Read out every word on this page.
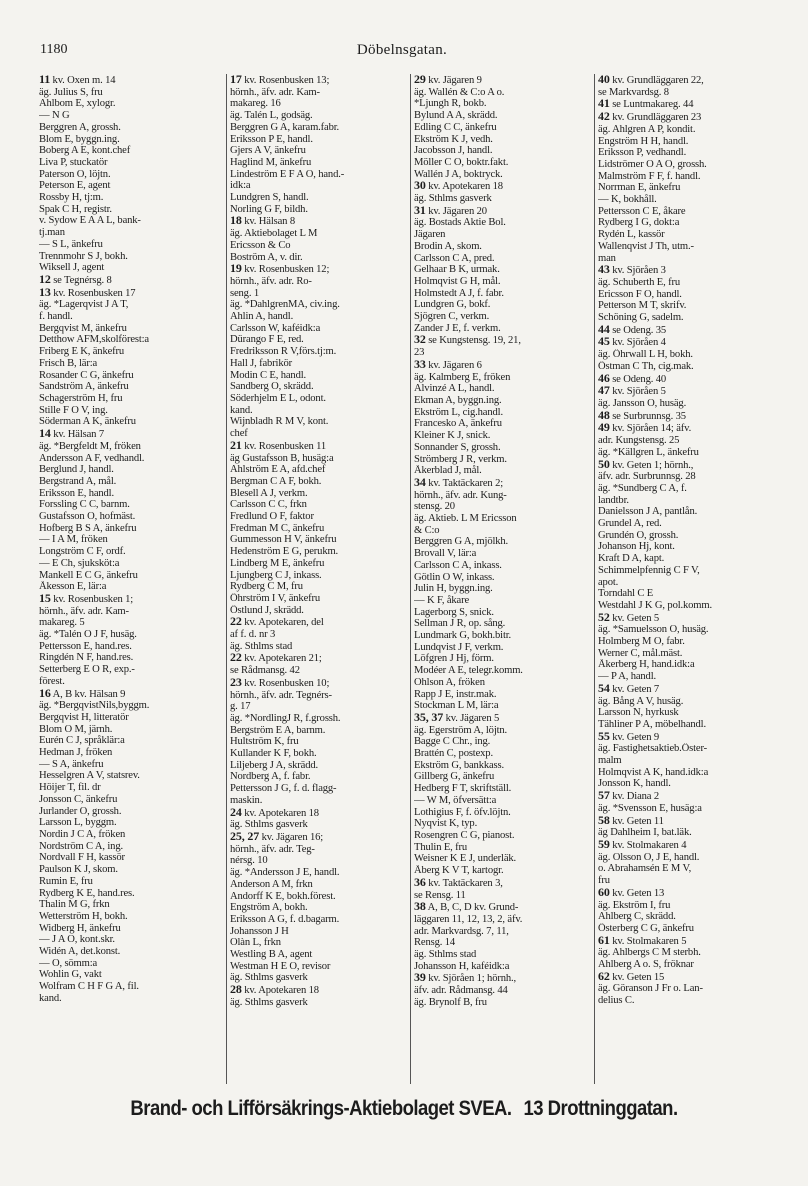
1180	Döbelnsgatan.
11 kv. Oxen m. 14
äg. Julius S, fru
Ahlbom E, xylogr.
— N G
Berggren A, grossh.
Blom E, byggn.ing.
Boberg A E, kont.chef
Liva P, stuckatör
Paterson O, löjtn.
Peterson E, agent
Rossby H, tj:m.
Spak C H, registr.
v. Sydow E A A L, bank-
tj.man
— S L, änkefru
Trennmohr S J, bokh.
Wiksell J, agent
12 se Tegnérsg. 8
13 kv. Rosenbusken 17
äg. *Lagerqvist J A T,
f. handl.
Bergqvist M, änkefru
Detthow AFM,skolförest:a
Friberg E K, änkefru
Frisch B, lär:a
Rosander C G, änkefru
Sandström A, änkefru
Schagerström H, fru
Stille F O V, ing.
Söderman A K, änkefru
14 kv. Hälsan 7
äg. *Bergfeldt M, fröken
Andersson A F, vedhandl.
Berglund J, handl.
Bergstrand A, mål.
Eriksson E, handl.
Forssling C C, barnm.
Gustafsson O, hofmäst.
Hofberg B S A, änkefru
— I A M, fröken
Longström C F, ordf.
— E Ch, sjuksköt:a
Mankell E C G, änkefru
Åkesson E, lär:a
15 kv. Rosenbusken 1;
hörnh., äfv. adr. Kam-
makareg. 5
äg. *Talén O J F, husäg.
Pettersson E, hand.res.
Ringdén N F, hand.res.
Setterberg E O R, exp.-
förest.
16 A, B kv. Hälsan 9
äg. *BergqvistNils,byggm.
Bergqvist H, litteratör
Blom O M, järnh.
Eurén C J, språklär:a
Hedman J, fröken
— S A, änkefru
Hesselgren A V, statsrev.
Höijer T, fil. dr
Jonsson C, änkefru
Jurlander O, grossh.
Larsson L, byggm.
Nordin J C A, fröken
Nordström C A, ing.
Nordvall F H, kassör
Paulson K J, skom.
Rumin E, fru
Rydberg K E, hand.res.
Thalin M G, frkn
Wetterström H, bokh.
Widberg H, änkefru
— J A O, kont.skr.
Widén A, det.konst.
— O, sömm:a
Wohlin G, vakt
Wolfram C H F G A, fil.
kand.
17 kv. Rosenbusken 13;
hörnh., äfv. adr. Kam-
makareg. 16
äg. Talén L, godsäg.
Berggren G A, karam.fabr.
Eriksson P E, handl.
Gjers A V, änkefru
Haglind M, änkefru
Lindeström E F A O, hand.-
idk:a
Lundgren S, handl.
Norling G F, bildh.
18 kv. Hälsan 8
äg. Aktiebolaget L M
Ericsson & Co
Boström A, v. dir.
19 kv. Rosenbusken 12;
hörnh., äfv. adr. Ro-
seng. 1
äg. *DahlgrenMA, civ.ing.
Ahlin A, handl.
Carlsson W, kaféidk:a
Dürango F E, red.
Fredriksson R V,förs.tj:m.
Hall J, fabrikör
Modin C E, handl.
Sandberg O, skrädd.
Söderhjelm E L, odont.
kand.
Wijnbladh R M V, kont.
chef
21 kv. Rosenbusken 11
äg Gustafsson B, husäg:a
Ahlström E A, afd.chef
Bergman C A F, bokh.
Blesell A J, verkm.
Carlsson C C, frkn
Fredlund O F, faktor
Fredman M C, änkefru
Gummesson H V, änkefru
Hedenström E G, perukm.
Lindberg M E, änkefru
Ljungberg C J, inkass.
Rydberg C M, fru
Öhrström I V, änkefru
Östlund J, skrädd.
22 kv. Apotekaren, del
af f. d. nr 3
äg. Sthlms stad
22 kv. Apotekaren 21;
se Rådmansg. 42
23 kv. Rosenbusken 10;
hörnh., äfv. adr. Tegnérs-
g. 17
äg. *NordlingJ R, f.grossh.
Bergström E A, barnm.
Hultström K, fru
Kullander K F, bokh.
Liljeberg J A, skrädd.
Nordberg A, f. fabr.
Pettersson J G, f. d. flagg-
maskin.
24 kv. Apotekaren 18
äg. Sthlms gasverk
25, 27 kv. Jägaren 16;
hörnh., äfv. adr. Teg-
nérsg. 10
äg. *Andersson J E, handl.
Anderson A M, frkn
Andorff K E, bokh.förest.
Engström A, bokh.
Eriksson A G, f. d.bagarm.
Johansson J H
Olàn L, frkn
Westling B A, agent
Westman H E O, revisor
äg. Sthlms gasverk
28 kv. Apotekaren 18
äg. Sthlms gasverk
29 kv. Jägaren 9
äg. Wallén & C:o A o.
*Ljungh R, bokb.
Bylund A A, skrädd.
Edling C C, änkefru
Ekström K J, vedh.
Jacobsson J, handl.
Möller C O, boktr.fakt.
Wallén J A, boktryck.
30 kv. Apotekaren 18
äg. Sthlms gasverk
31 kv. Jägaren 20
äg. Bostads Aktie Bol.
Jägaren
Brodin A, skom.
Carlsson C A, pred.
Gelhaar B K, urmak.
Holmqvist G H, mål.
Holmstedt A J, f. fabr.
Lundgren G, bokf.
Sjögren C, verkm.
Zander J E, f. verkm.
32 se Kungstensg. 19, 21,
23
33 kv. Jägaren 6
äg. Kalmberg E, fröken
Alvinzé A L, handl.
Ekman A, byggn.ing.
Ekström L, cig.handl.
Francesko A, änkefru
Kleiner K J, snick.
Sonnander S, grossh.
Strömberg J R, verkm.
Åkerblad J, mål.
34 kv. Taktäckaren 2;
hörnh., äfv. adr. Kung-
stensg. 20
äg. Aktieb. L M Ericsson
& C:o
Berggren G A, mjölkh.
Brovall V, lär:a
Carlsson C A, inkass.
Götlin O W, inkass.
Julin H, byggn.ing.
— K F, åkare
Lagerborg S, snick.
Sellman J R, op. sång.
Lundmark G, bokh.bitr.
Lundqvist J F, verkm.
Löfgren J Hj, förm.
Modéer A E, telegr.komm.
Ohlson A, fröken
Rapp J E, instr.mak.
Stockman L M, lär:a
35, 37 kv. Jägaren 5
äg. Egerström A, löjtn.
Bagge C Chr., ing.
Brattén C, postexp.
Ekström G, bankkass.
Gillberg G, änkefru
Hedberg F T, skriftställ.
— W M, öfversätt:a
Lothigius F, f. öfv.löjtn.
Nyqvist K, typ.
Rosengren C G, pianost.
Thulin E, fru
Weisner K E J, underläk.
Åberg K V T, kartogr.
36 kv. Taktäckaren 3,
se Rensg. 11
38 A, B, C, D kv. Grund-
läggaren 11, 12, 13, 2, äfv.
adr. Markvardsg. 7, 11,
Rensg. 14
äg. Sthlms stad
Johansson H, kaféidk:a
39 kv. Sjöråen 1; hörnh.,
äfv. adr. Rådmansg. 44
äg. Brynolf B, fru
40 kv. Grundläggaren 22,
se Markvardsg. 8
41 se Luntmakareg. 44
42 kv. Grundläggaren 23
äg. Ahlgren A P, kondit.
Engström H H, handl.
Eriksson P, vedhandl.
Lidströmer O A O, grossh.
Malmström F F, f. handl.
Norrman E, änkefru
— K, bokhåll.
Pettersson C E, åkare
Rydberg I G, dokt:a
Rydén L, kassör
Wallenqvist J Th, utm.-
man
43 kv. Sjöråen 3
äg. Schuberth E, fru
Ericsson F O, handl.
Petterson M T, skrifv.
Schöning G, sadelm.
44 se Odeng. 35
45 kv. Sjöråen 4
äg. Öhrwall L H, bokh.
Östman C Th, cig.mak.
46 se Odeng. 40
47 kv. Sjöråen 5
äg. Jansson O, husäg.
48 se Surbrunnsg. 35
49 kv. Sjöråen 14; äfv.
adr. Kungstensg. 25
äg. *Källgren L, änkefru
50 kv. Geten 1; hörnh.,
äfv. adr. Surbrunnsg. 28
äg. *Sundberg C A, f.
landtbr.
Danielsson J A, pantlån.
Grundel A, red.
Grundén O, grossh.
Johanson Hj, kont.
Kraft D A, kapt.
Schimmelpfennig C F V,
apot.
Torndahl C E
Westdahl J K G, pol.komm.
52 kv. Geten 5
äg. *Samuelsson O, husäg.
Holmberg M O, fabr.
Werner C, mål.mäst.
Åkerberg H, hand.idk:a
— P A, handl.
54 kv. Geten 7
äg. Bång A V, husäg.
Larsson N, hyrkusk
Tähliner P A, möbelhandl.
55 kv. Geten 9
äg. Fastighetsaktieb.Öster-
malm
Holmqvist A K, hand.idk:a
Jonsson K, handl.
57 kv. Diana 2
äg. *Svensson E, husäg:a
58 kv. Geten 11
äg Dahlheim I, bat.läk.
59 kv. Stolmakaren 4
äg. Olsson O, J E, handl.
o. Abrahamsén E M V,
fru
60 kv. Geten 13
äg. Ekström I, fru
Ahlberg C, skrädd.
Österberg C G, änkefru
61 kv. Stolmakaren 5
äg. Ahlbergs C M sterbh.
Ahlberg A o. S, fröknar
62 kv. Geten 15
äg. Göranson J Fr o. Lan-
delius C.
Brand- och Lifförsäkrings-Aktiebolaget SVEA. 13 Drottninggatan.
